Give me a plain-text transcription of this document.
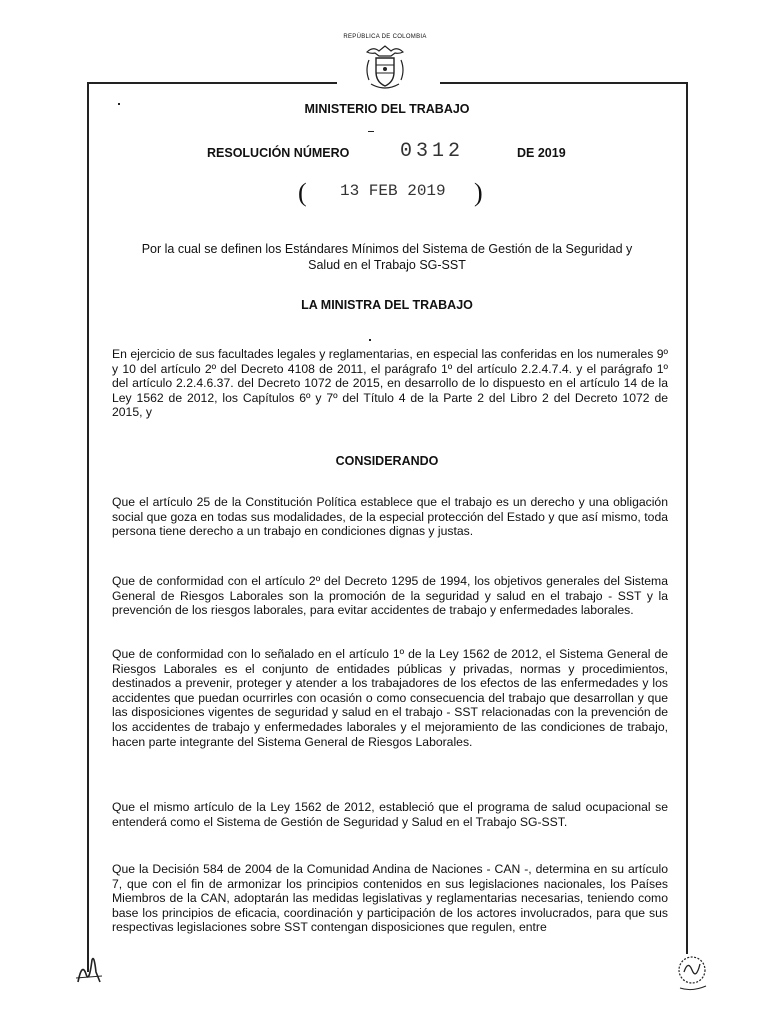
REPÚBLICA DE COLOMBIA
MINISTERIO DEL TRABAJO
RESOLUCIÓN NÚMERO	0312	DE 2019
( 13 FEB 2019 )
Por la cual se definen los Estándares Mínimos del Sistema de Gestión de la Seguridad y Salud en el Trabajo SG-SST
LA MINISTRA DEL TRABAJO
En ejercicio de sus facultades legales y reglamentarias, en especial las conferidas en los numerales 9º y 10 del artículo 2º del Decreto 4108 de 2011, el parágrafo 1º del artículo 2.2.4.7.4. y el parágrafo 1º del artículo 2.2.4.6.37. del Decreto 1072 de 2015, en desarrollo de lo dispuesto en el artículo 14 de la Ley 1562 de 2012, los Capítulos 6º y 7º del Título 4 de la Parte 2 del Libro 2 del Decreto 1072 de 2015, y
CONSIDERANDO
Que el artículo 25 de la Constitución Política establece que el trabajo es un derecho y una obligación social que goza en todas sus modalidades, de la especial protección del Estado y que así mismo, toda persona tiene derecho a un trabajo en condiciones dignas y justas.
Que de conformidad con el artículo 2º del Decreto 1295 de 1994, los objetivos generales del Sistema General de Riesgos Laborales son la promoción de la seguridad y salud en el trabajo - SST y la prevención de los riesgos laborales, para evitar accidentes de trabajo y enfermedades laborales.
Que de conformidad con lo señalado en el artículo 1º de la Ley 1562 de 2012, el Sistema General de Riesgos Laborales es el conjunto de entidades públicas y privadas, normas y procedimientos, destinados a prevenir, proteger y atender a los trabajadores de los efectos de las enfermedades y los accidentes que puedan ocurrirles con ocasión o como consecuencia del trabajo que desarrollan y que las disposiciones vigentes de seguridad y salud en el trabajo - SST relacionadas con la prevención de los accidentes de trabajo y enfermedades laborales y el mejoramiento de las condiciones de trabajo, hacen parte integrante del Sistema General de Riesgos Laborales.
Que el mismo artículo de la Ley 1562 de 2012, estableció que el programa de salud ocupacional se entenderá como el Sistema de Gestión de Seguridad y Salud en el Trabajo SG-SST.
Que la Decisión 584 de 2004 de la Comunidad Andina de Naciones - CAN -, determina en su artículo 7, que con el fin de armonizar los principios contenidos en sus legislaciones nacionales, los Países Miembros de la CAN, adoptarán las medidas legislativas y reglamentarias necesarias, teniendo como base los principios de eficacia, coordinación y participación de los actores involucrados, para que sus respectivas legislaciones sobre SST contengan disposiciones que regulen, entre
